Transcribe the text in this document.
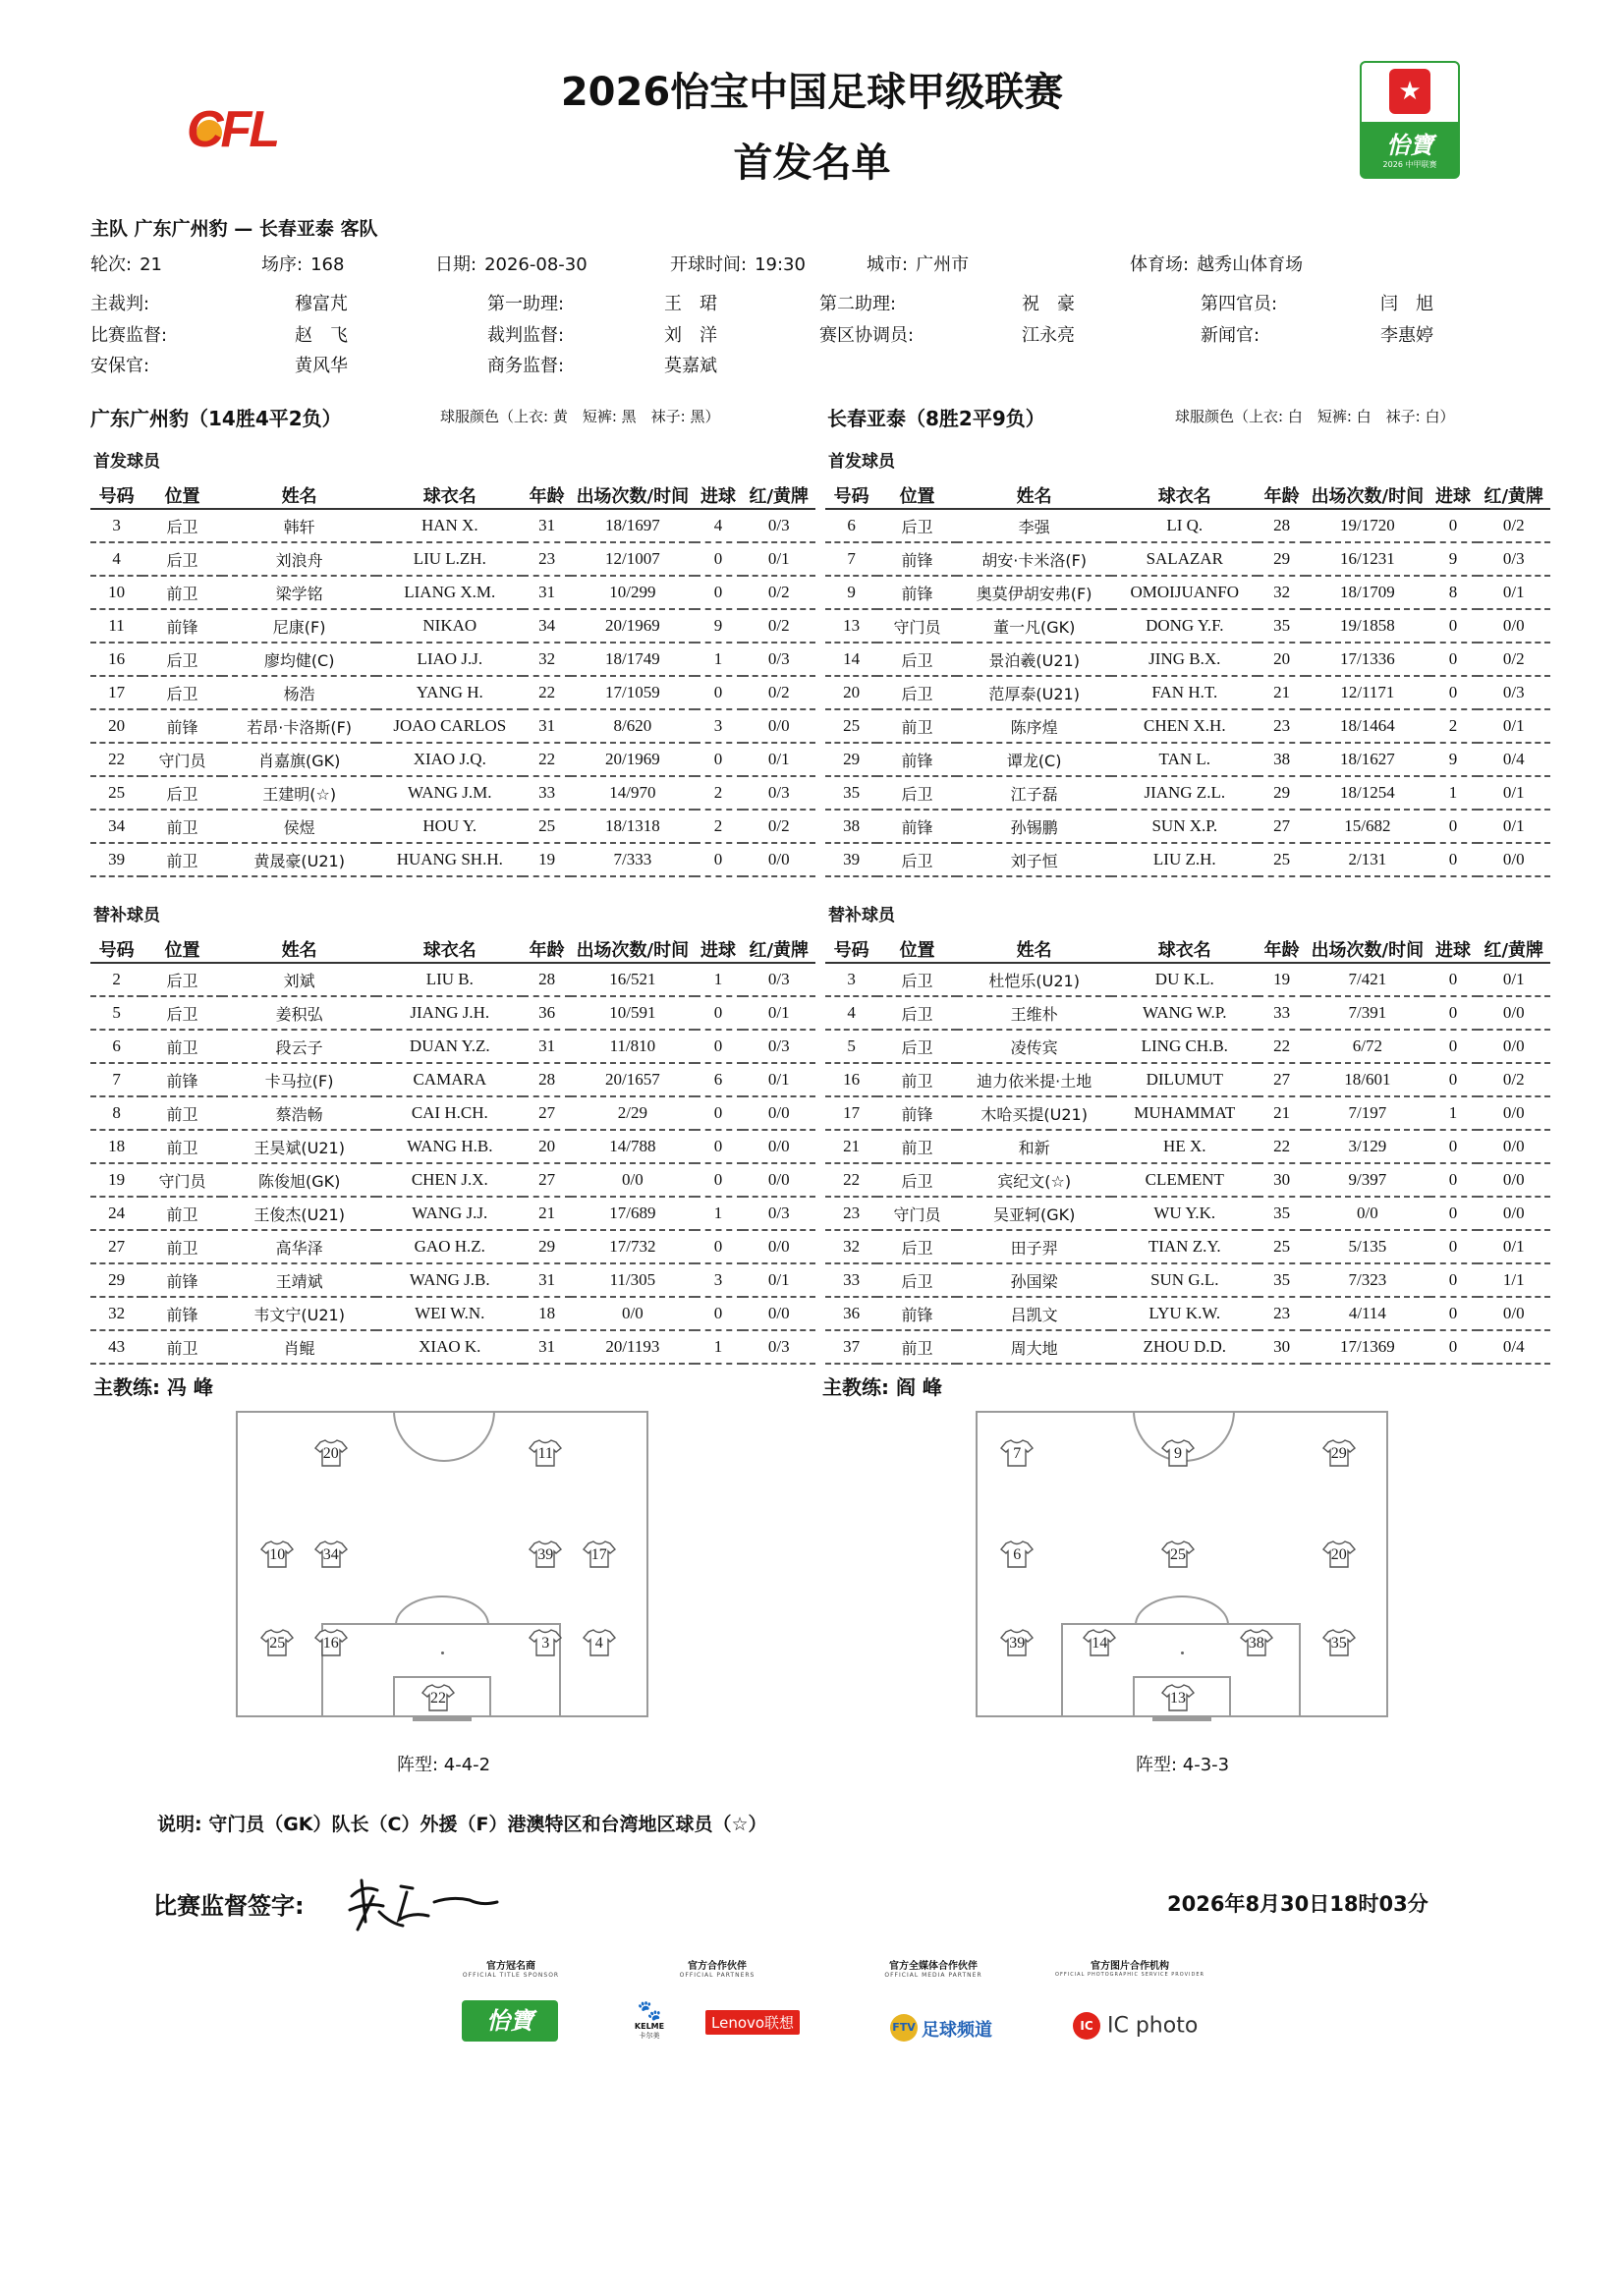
CFL
2026怡宝中国足球甲级联赛
首发名单
★
怡寶
2026 中甲联赛
主队 广东广州豹 — 长春亚泰 客队
广东广州豹（14胜4平2负）	球服颜色（上衣: 黄　短裤: 黑　袜子: 黑）	长春亚泰（8胜2平9负）	球服颜色（上衣: 白　短裤: 白　袜子: 白）
首发球员	首发球员
替补球员	替补球员
号码	位置	姓名	球衣名	年龄	出场次数/时间	进球	红/黄牌
3	后卫	韩轩	HAN X.	31	18/1697	4	0/3
4	后卫	刘浪舟	LIU L.ZH.	23	12/1007	0	0/1
10	前卫	梁学铭	LIANG X.M.	31	10/299	0	0/2
11	前锋	尼康(F)	NIKAO	34	20/1969	9	0/2
16	后卫	廖均健(C)	LIAO J.J.	32	18/1749	1	0/3
17	后卫	杨浩	YANG H.	22	17/1059	0	0/2
20	前锋	若昂·卡洛斯(F)	JOAO CARLOS	31	8/620	3	0/0
22	守门员	肖嘉旗(GK)	XIAO J.Q.	22	20/1969	0	0/1
25	后卫	王建明(☆)	WANG J.M.	33	14/970	2	0/3
34	前卫	侯煜	HOU Y.	25	18/1318	2	0/2
39	前卫	黄晟豪(U21)	HUANG SH.H.	19	7/333	0	0/0
号码	位置	姓名	球衣名	年龄	出场次数/时间	进球	红/黄牌
6	后卫	李强	LI Q.	28	19/1720	0	0/2
7	前锋	胡安·卡米洛(F)	SALAZAR	29	16/1231	9	0/3
9	前锋	奥莫伊胡安弗(F)	OMOIJUANFO	32	18/1709	8	0/1
13	守门员	董一凡(GK)	DONG Y.F.	35	19/1858	0	0/0
14	后卫	景泊羲(U21)	JING B.X.	20	17/1336	0	0/2
20	后卫	范厚泰(U21)	FAN H.T.	21	12/1171	0	0/3
25	前卫	陈序煌	CHEN X.H.	23	18/1464	2	0/1
29	前锋	谭龙(C)	TAN L.	38	18/1627	9	0/4
35	后卫	江子磊	JIANG Z.L.	29	18/1254	1	0/1
38	前锋	孙锡鹏	SUN X.P.	27	15/682	0	0/1
39	后卫	刘子恒	LIU Z.H.	25	2/131	0	0/0
号码	位置	姓名	球衣名	年龄	出场次数/时间	进球	红/黄牌
2	后卫	刘斌	LIU B.	28	16/521	1	0/3
5	后卫	姜积弘	JIANG J.H.	36	10/591	0	0/1
6	前卫	段云子	DUAN Y.Z.	31	11/810	0	0/3
7	前锋	卡马拉(F)	CAMARA	28	20/1657	6	0/1
8	前卫	蔡浩畅	CAI H.CH.	27	2/29	0	0/0
18	前卫	王昊斌(U21)	WANG H.B.	20	14/788	0	0/0
19	守门员	陈俊旭(GK)	CHEN J.X.	27	0/0	0	0/0
24	前卫	王俊杰(U21)	WANG J.J.	21	17/689	1	0/3
27	前卫	高华泽	GAO H.Z.	29	17/732	0	0/0
29	前锋	王靖斌	WANG J.B.	31	11/305	3	0/1
32	前锋	韦文宁(U21)	WEI W.N.	18	0/0	0	0/0
43	前卫	肖鲲	XIAO K.	31	20/1193	1	0/3
号码	位置	姓名	球衣名	年龄	出场次数/时间	进球	红/黄牌
3	后卫	杜恺乐(U21)	DU K.L.	19	7/421	0	0/1
4	后卫	王维朴	WANG W.P.	33	7/391	0	0/0
5	后卫	凌传宾	LING CH.B.	22	6/72	0	0/0
16	前卫	迪力依米提·土地	DILUMUT	27	18/601	0	0/2
17	前锋	木哈买提(U21)	MUHAMMAT	21	7/197	1	0/0
21	前卫	和新	HE X.	22	3/129	0	0/0
22	后卫	宾纪文(☆)	CLEMENT	30	9/397	0	0/0
23	守门员	吴亚轲(GK)	WU Y.K.	35	0/0	0	0/0
32	后卫	田子羿	TIAN Z.Y.	25	5/135	0	0/1
33	后卫	孙国梁	SUN G.L.	35	7/323	0	1/1
36	前锋	吕凯文	LYU K.W.	23	4/114	0	0/0
37	前卫	周大地	ZHOU D.D.	30	17/1369	0	0/4
主教练: 冯 峰	主教练: 阎 峰
20	11
10	34	39	17
25	16	3	4
22
7	9	29
6	25	20
39	14	38	35
13
阵型: 4-4-2	阵型: 4-3-3
说明: 守门员（GK）队长（C）外援（F）港澳特区和台湾地区球员（☆）
比赛监督签字:	2026年8月30日18时03分
官方冠名商
OFFICIAL TITLE SPONSOR
怡寶
官方合作伙伴
OFFICIAL PARTNERS
🐾
KELME
卡尔美
Lenovo联想
官方全媒体合作伙伴
OFFICIAL MEDIA PARTNER
FTV 足球频道
官方图片合作机构
OFFICIAL PHOTOGRAPHIC SERVICE PROVIDER
IC IC photo
轮次: 21	场序: 168	日期: 2026-08-30	开球时间: 19:30	城市: 广州市	体育场: 越秀山体育场
主裁判:	穆富芃	第一助理:	王　珺	第二助理:	祝　豪	第四官员:	闫　旭
比赛监督:	赵　飞	裁判监督:	刘　洋	赛区协调员:	江永亮	新闻官:	李惠婷
安保官:	黄风华	商务监督:	莫嘉斌
